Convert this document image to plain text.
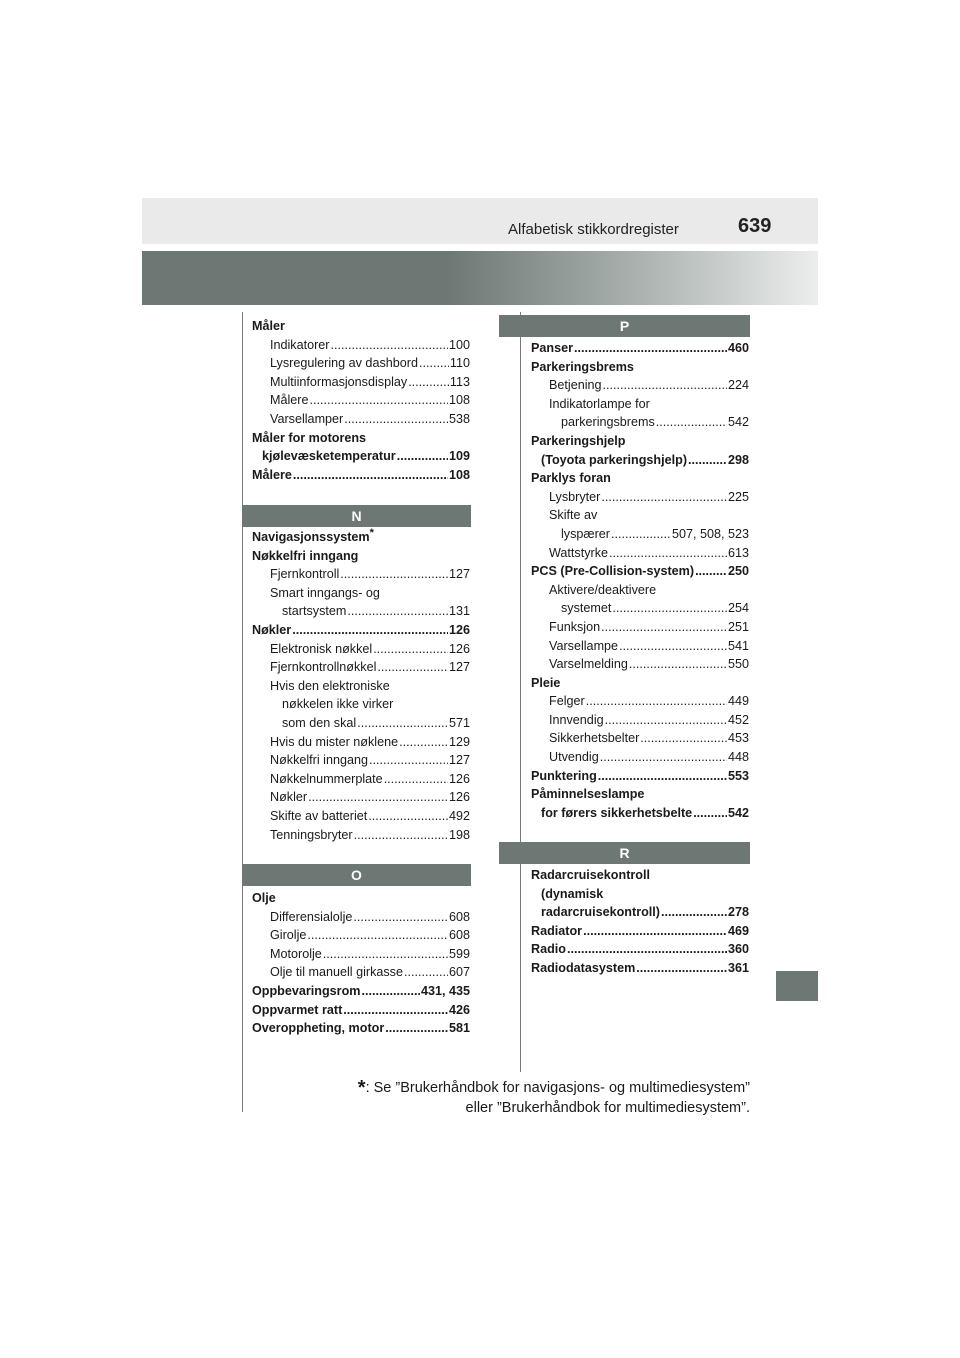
Alfabetisk stikkordregister	639
Måler
Indikatorer .....	100
Lysregulering av dashbord .....	110
Multiinformasjonsdisplay .....	113
Målere .....	108
Varsellamper .....	538
Måler for motorens
kjølevæsketemperatur .....	109
Målere .....	108
N
Navigasjonssystem*
Nøkkelfri inngang
Fjernkontroll .....	127
Smart inngangs- og
startsystem .....	131
Nøkler .....	126
Elektronisk nøkkel .....	126
Fjernkontrollnøkkel .....	127
Hvis den elektroniske
nøkkelen ikke virker
som den skal .....	571
Hvis du mister nøklene .....	129
Nøkkelfri inngang .....	127
Nøkkelnummerplate .....	126
Nøkler .....	126
Skifte av batteriet .....	492
Tenningsbryter .....	198
O
Olje
Differensialolje .....	608
Girolje .....	608
Motorolje .....	599
Olje til manuell girkasse .....	607
Oppbevaringsrom .....	431, 435
Oppvarmet ratt .....	426
Overoppheting, motor .....	581
P
Panser .....	460
Parkeringsbrems
Betjening .....	224
Indikatorlampe for
parkeringsbrems .....	542
Parkeringshjelp
(Toyota parkeringshjelp) .....	298
Parklys foran
Lysbryter .....	225
Skifte av
lyspærer .....	507, 508, 523
Wattstyrke .....	613
PCS (Pre-Collision-system) .....	250
Aktivere/deaktivere
systemet .....	254
Funksjon .....	251
Varsellampe .....	541
Varselmelding .....	550
Pleie
Felger .....	449
Innvendig .....	452
Sikkerhetsbelter .....	453
Utvendig .....	448
Punktering .....	553
Påminnelseslampe
for førers sikkerhetsbelte .....	542
R
Radarcruisekontroll
(dynamisk
radarcruisekontroll) .....	278
Radiator .....	469
Radio .....	360
Radiodatasystem .....	361
*: Se ”Brukerhåndbok for navigasjons- og multimediesystem”
eller ”Brukerhåndbok for multimediesystem”.
